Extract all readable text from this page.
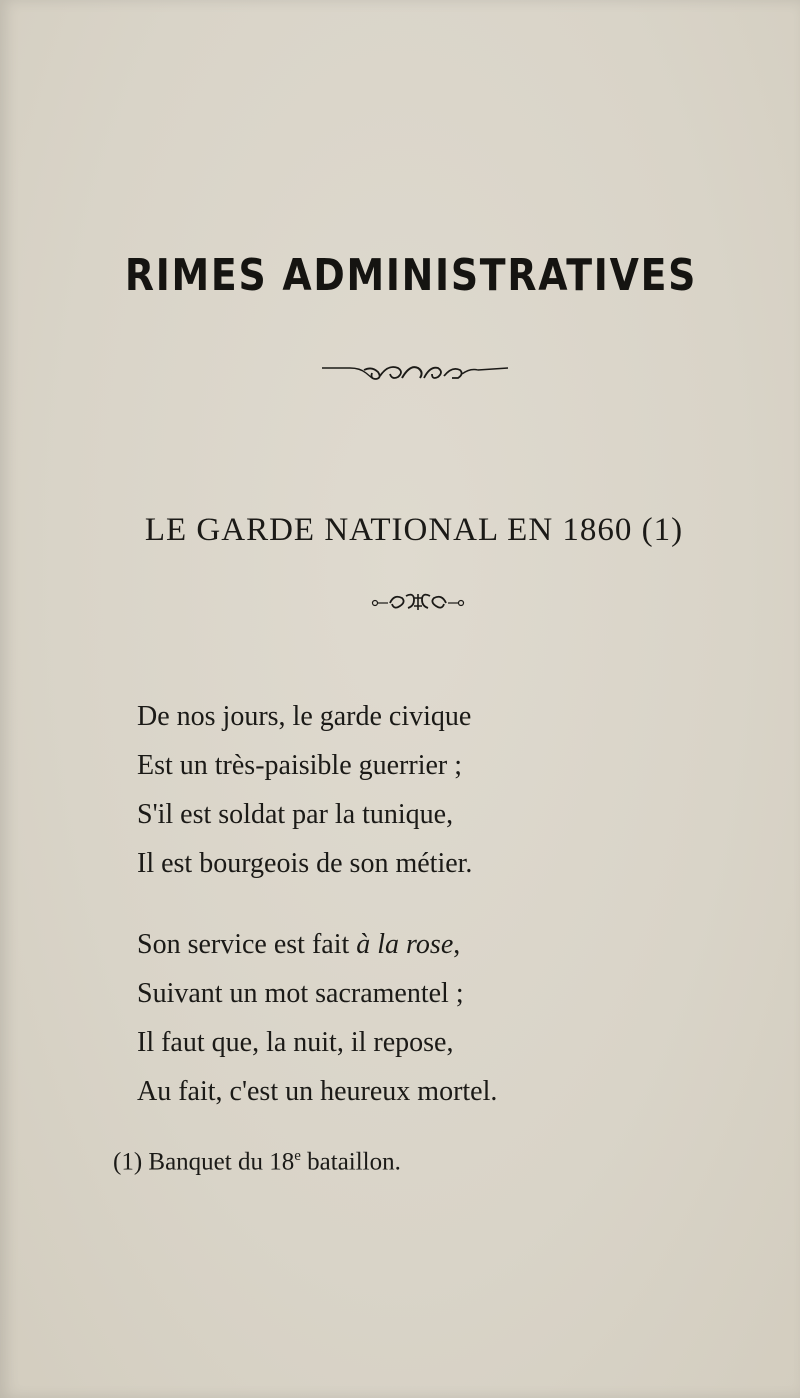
RIMES ADMINISTRATIVES
LE GARDE NATIONAL EN 1860 (1)
De nos jours, le garde civique
Est un très-paisible guerrier ;
S'il est soldat par la tunique,
Il est bourgeois de son métier.
Son service est fait à la rose,
Suivant un mot sacramentel ;
Il faut que, la nuit, il repose,
Au fait, c'est un heureux mortel.
(1) Banquet du 18e bataillon.
